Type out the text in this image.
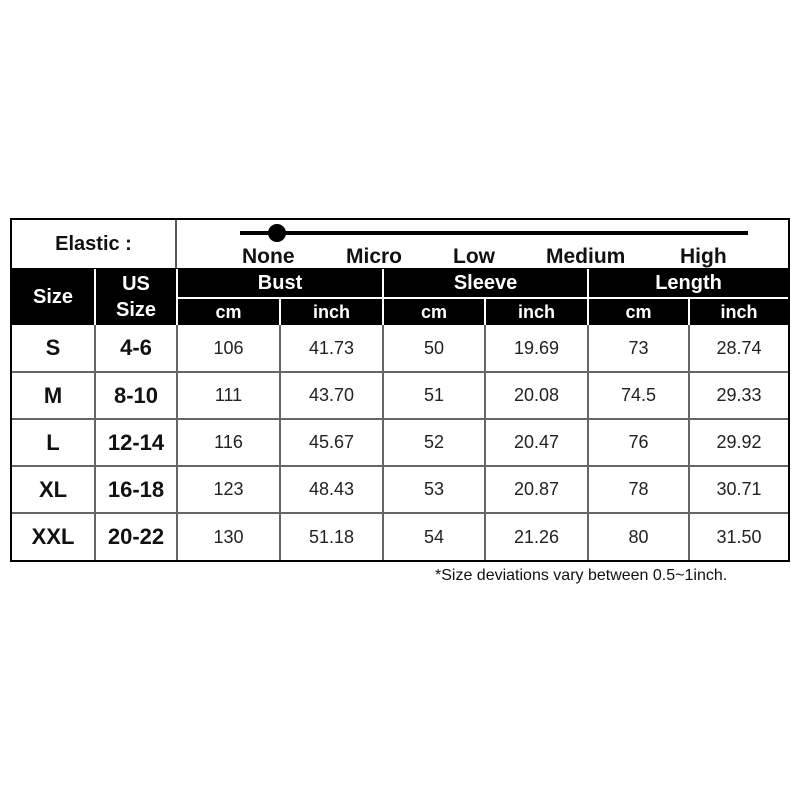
Elastic :
None Micro Low Medium	High
Size	US
Size	Bust		Sleeve		Length	
		cm	inch	cm	inch	cm	inch
S	4-6	106	41.73	50	19.69	73	28.74
M	8-10	111	43.70	51	20.08	74.5	29.33
L	12-14	116	45.67	52	20.47	76	29.92
XL	16-18	123	48.43	53	20.87	78	30.71
XXL	20-22	130	51.18	54	21.26	80	31.50
*Size deviations vary between 0.5~1inch.
